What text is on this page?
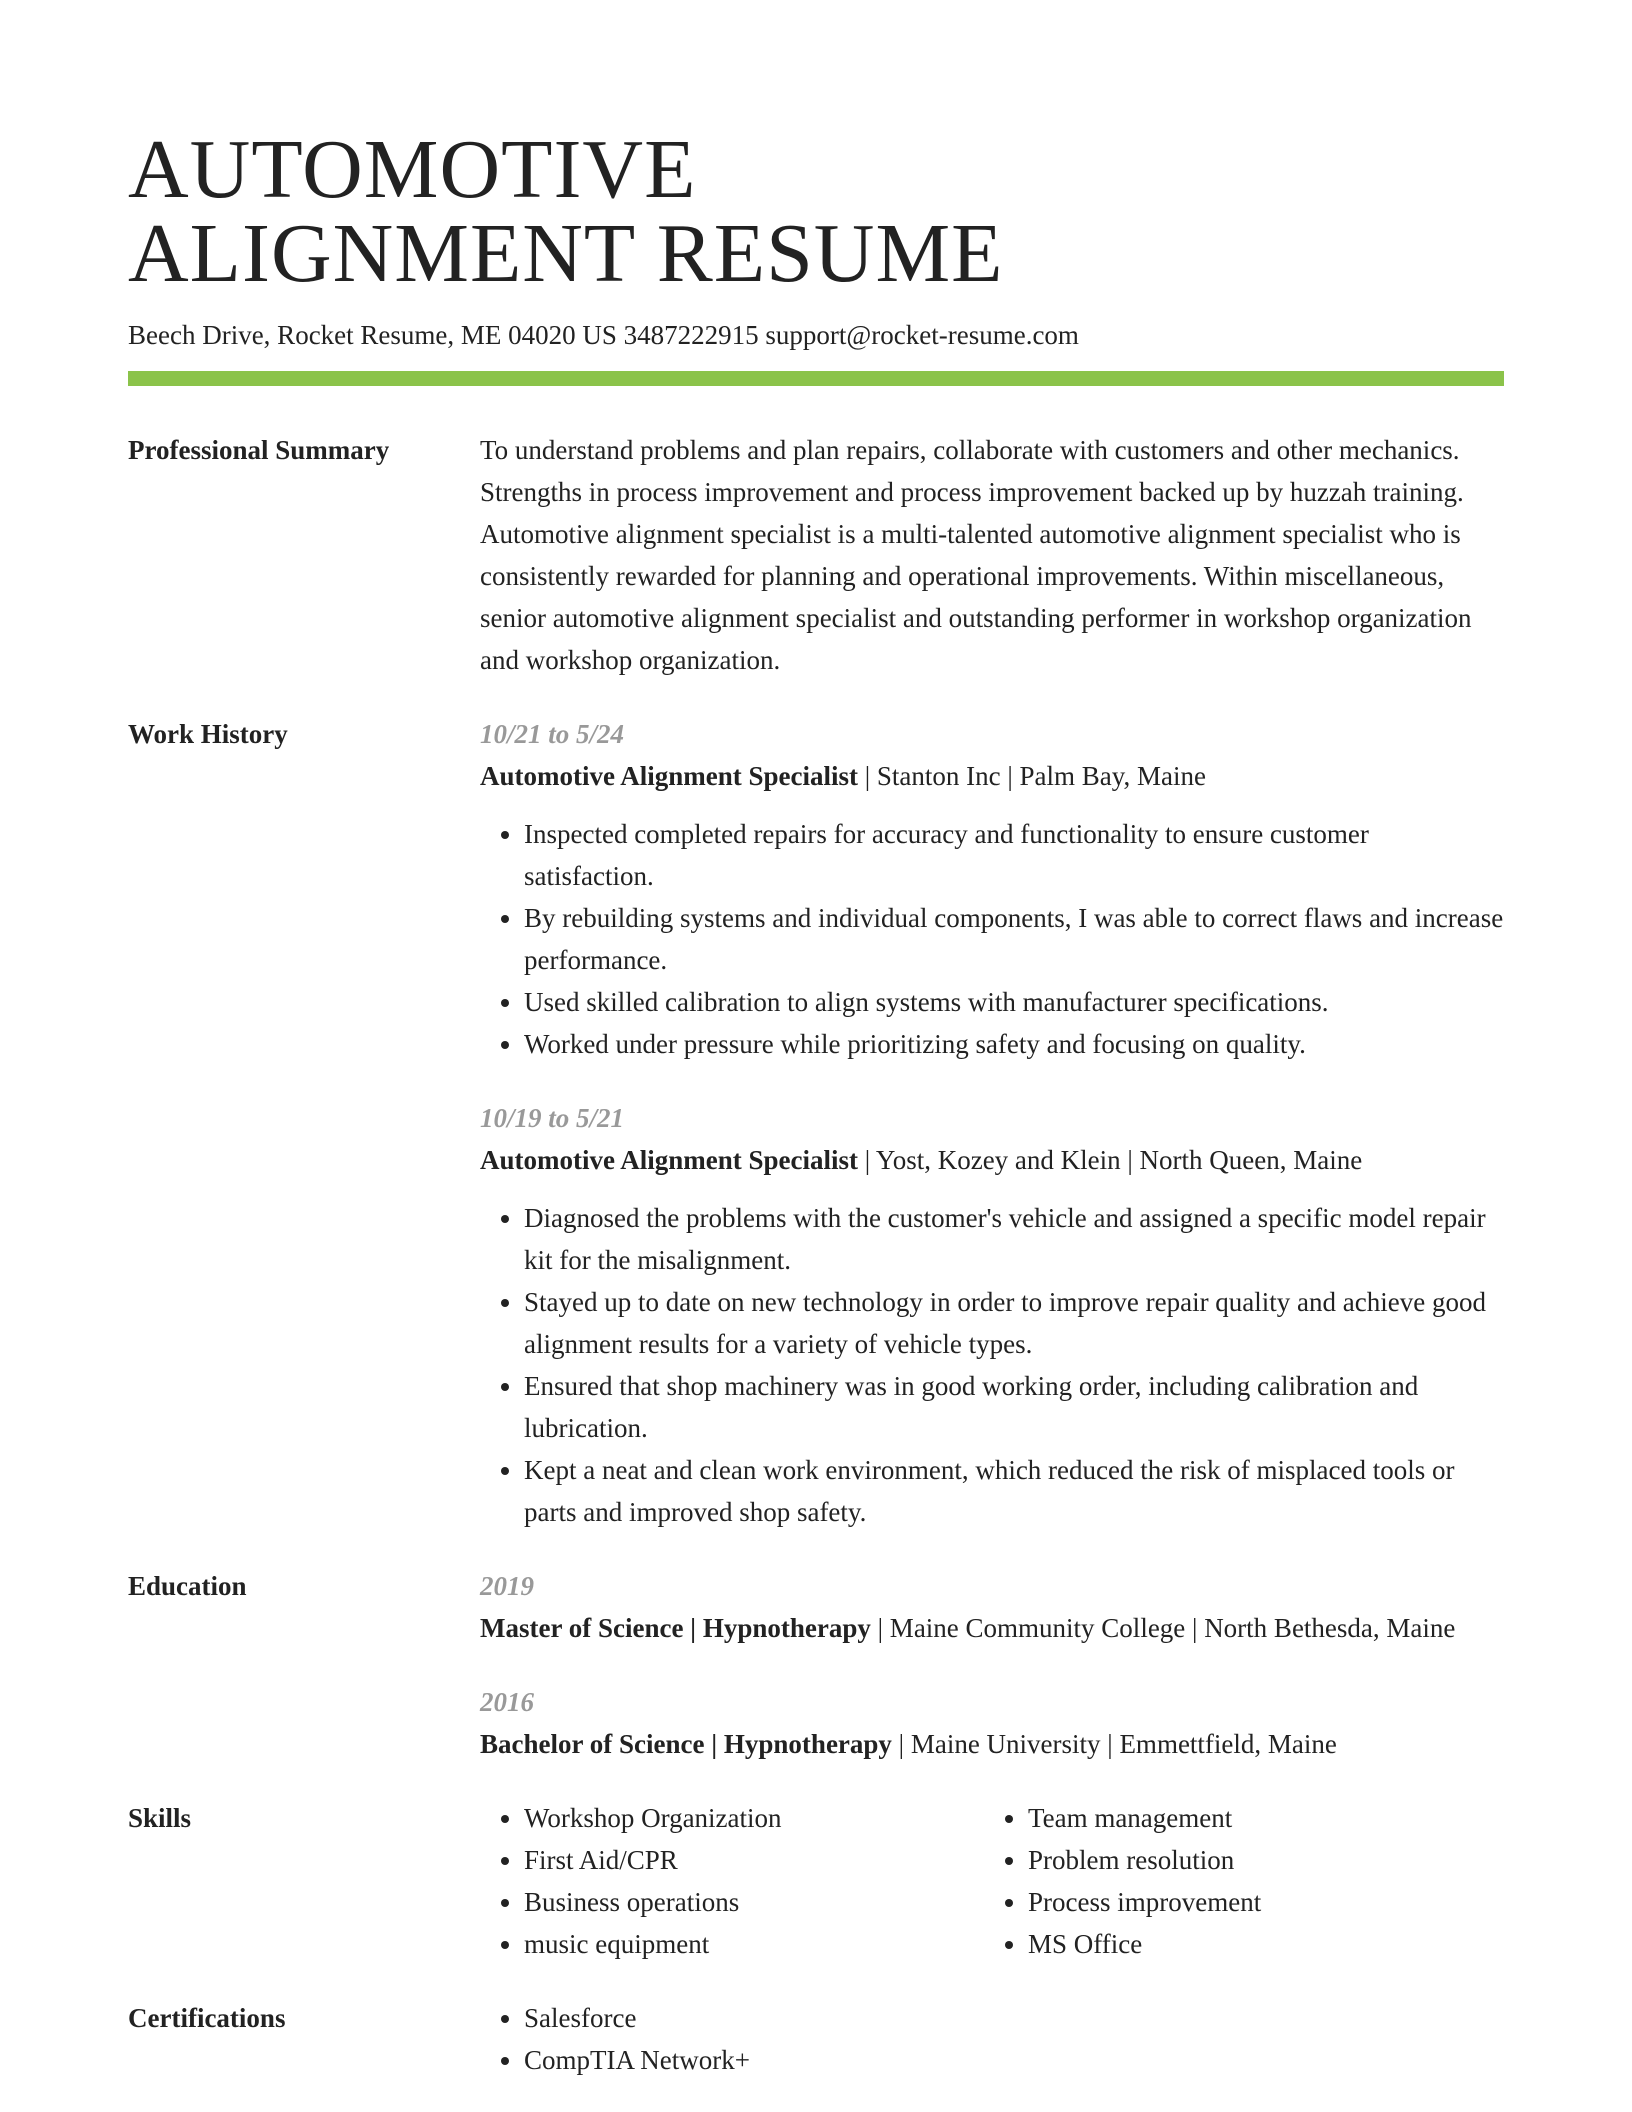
AUTOMOTIVE
ALIGNMENT RESUME
Beech Drive, Rocket Resume, ME 04020 US 3487222915 support@rocket-resume.com
Professional Summary	To understand problems and plan repairs, collaborate with customers and other mechanics. Strengths in process improvement and process improvement backed up by huzzah training. Automotive alignment specialist is a multi-talented automotive alignment specialist who is consistently rewarded for planning and operational improvements. Within miscellaneous, senior automotive alignment specialist and outstanding performer in workshop organization and workshop organization.
Work History	10/21 to 5/24
Automotive Alignment Specialist | Stanton Inc | Palm Bay, Maine
• Inspected completed repairs for accuracy and functionality to ensure customer satisfaction.
• By rebuilding systems and individual components, I was able to correct flaws and increase performance.
• Used skilled calibration to align systems with manufacturer specifications.
• Worked under pressure while prioritizing safety and focusing on quality.
10/19 to 5/21
Automotive Alignment Specialist | Yost, Kozey and Klein | North Queen, Maine
• Diagnosed the problems with the customer's vehicle and assigned a specific model repair kit for the misalignment.
• Stayed up to date on new technology in order to improve repair quality and achieve good alignment results for a variety of vehicle types.
• Ensured that shop machinery was in good working order, including calibration and lubrication.
• Kept a neat and clean work environment, which reduced the risk of misplaced tools or parts and improved shop safety.
Education	2019
Master of Science | Hypnotherapy | Maine Community College | North Bethesda, Maine
2016
Bachelor of Science | Hypnotherapy | Maine University | Emmettfield, Maine
Skills	• Workshop Organization
• First Aid/CPR
• Business operations
• music equipment
• Team management
• Problem resolution
• Process improvement
• MS Office
Certifications	• Salesforce
• CompTIA Network+
